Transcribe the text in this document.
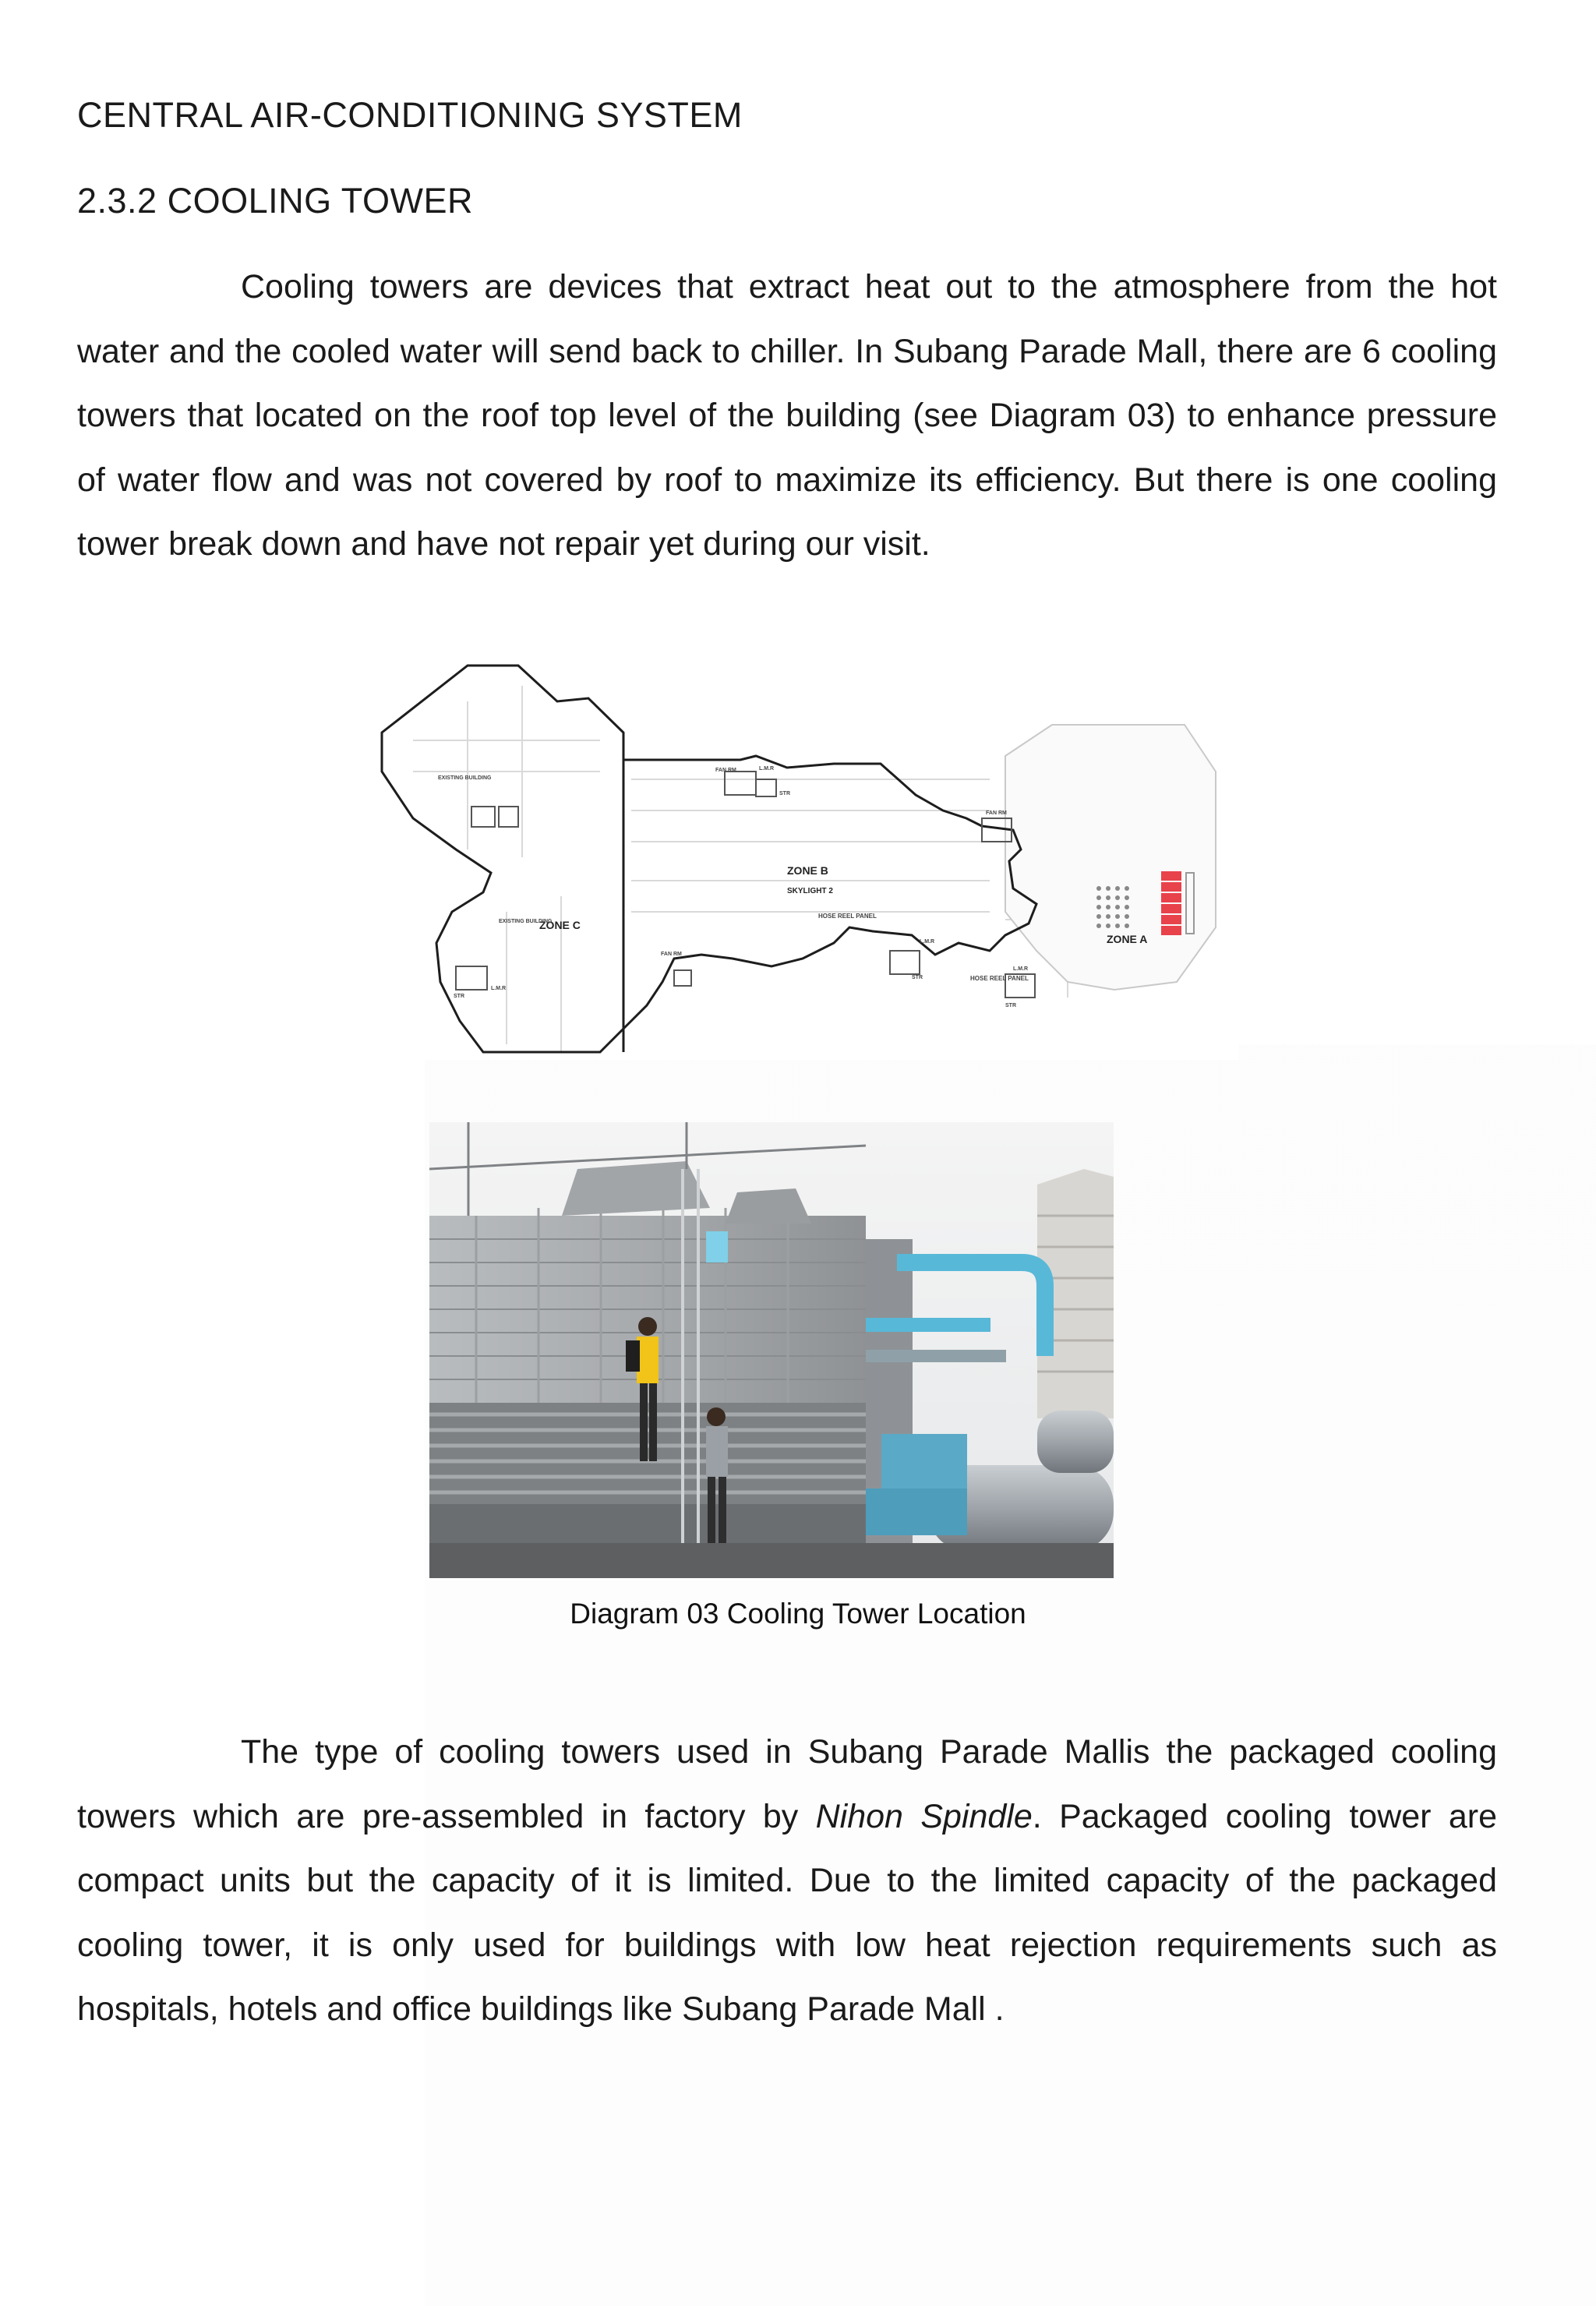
CENTRAL AIR-CONDITIONING SYSTEM
2.3.2 COOLING TOWER

Cooling towers are devices that extract heat out to the atmosphere from the hot water and the cooled water will send back to chiller. In Subang Parade Mall, there are 6 cooling towers that located on the roof top level of the building (see Diagram 03) to enhance pressure of water flow and was not covered by roof to maximize its efficiency. But there is one cooling tower break down and have not repair yet during our visit.

ZONE B
SKYLIGHT 2
ZONE A
ZONE C
HOSE REEL PANEL
HOSE REEL PANEL
EXISTING BUILDING
EXISTING BUILDING
L.M.R
L.M.R
L.M.R
L.M.R
STR
STR
STR
STR
FAN RM
FAN RM
FAN RM
Diagram 03 Cooling Tower Location

The type of cooling towers used in Subang Parade Mallis the packaged cooling towers which are pre-assembled in factory by Nihon Spindle. Packaged cooling tower are compact units but the capacity of it is limited. Due to the limited capacity of the packaged cooling tower, it is only used for buildings with low heat rejection requirements such as hospitals, hotels and office buildings like Subang Parade Mall .
